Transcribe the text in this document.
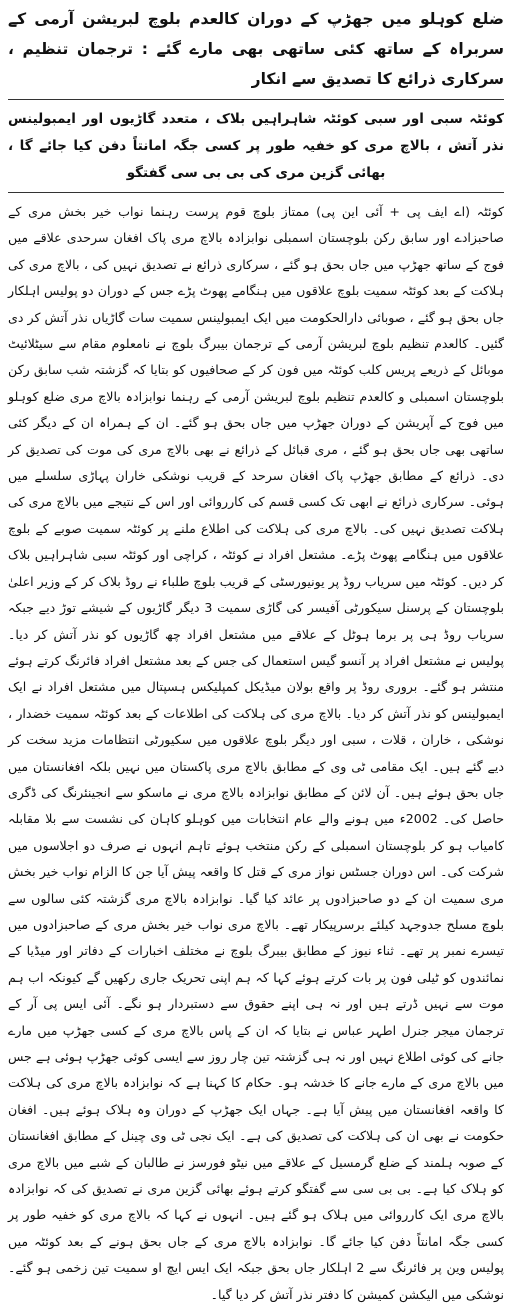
ضلع کوہلو میں جھڑپ کے دوران کالعدم بلوچ لبریشن آرمی کے سربراہ کے ساتھ کئی ساتھی بھی مارے گئے : ترجمان تنظیم ، سرکاری ذرائع کا تصدیق سے انکار
کوئٹہ سبی اور سبی کوئٹہ شاہراہیں بلاک ، متعدد گاڑیوں اور ایمبولینس نذر آتش ، بالاچ مری کو خفیہ طور پر کسی جگہ امانتاً دفن کیا جائے گا ، بھائی گزین مری کی بی بی سی گفتگو

کوئٹہ (اے ایف پی + آئی این پی) ممتاز بلوچ قوم پرست رہنما نواب خیر بخش مری کے صاحبزادے اور سابق رکن بلوچستان اسمبلی نوابزادہ بالاچ مری پاک افغان سرحدی علاقے میں فوج کے ساتھ جھڑپ میں جاں بحق ہو گئے ، سرکاری ذرائع نے تصدیق نہیں کی ، بالاچ مری کی ہلاکت کے بعد کوئٹہ سمیت بلوچ علاقوں میں ہنگامے پھوٹ پڑے جس کے دوران دو پولیس اہلکار جاں بحق ہو گئے ، صوبائی دارالحکومت میں ایک ایمبولینس سمیت سات گاڑیاں نذر آتش کر دی گئیں۔ کالعدم تنظیم بلوچ لبریشن آرمی کے ترجمان بیبرگ بلوچ نے نامعلوم مقام سے سیٹلائیٹ موبائل کے ذریعے پریس کلب کوئٹہ میں فون کر کے صحافیوں کو بتایا کہ گزشتہ شب سابق رکن بلوچستان اسمبلی و کالعدم تنظیم بلوچ لبریشن آرمی کے رہنما نوابزادہ بالاچ مری ضلع کوہلو میں فوج کے آپریشن کے دوران جھڑپ میں جاں بحق ہو گئے۔ ان کے ہمراہ ان کے دیگر کئی ساتھی بھی جاں بحق ہو گئے ، مری قبائل کے ذرائع نے بھی بالاچ مری کی موت کی تصدیق کر دی۔ ذرائع کے مطابق جھڑپ پاک افغان سرحد کے قریب نوشکی خاران پہاڑی سلسلے میں ہوئی۔ سرکاری ذرائع نے ابھی تک کسی قسم کی کارروائی اور اس کے نتیجے میں بالاچ مری کی ہلاکت تصدیق نہیں کی۔ بالاچ مری کی ہلاکت کی اطلاع ملنے پر کوئٹہ سمیت صوبے کے بلوچ علاقوں میں ہنگامے پھوٹ پڑے۔ مشتعل افراد نے کوئٹہ ، کراچی اور کوئٹہ سبی شاہراہیں بلاک کر دیں۔ کوئٹہ میں سریاب روڈ پر یونیورسٹی کے قریب بلوچ طلباء نے روڈ بلاک کر کے وزیر اعلیٰ بلوچستان کے پرسنل سیکورٹی آفیسر کی گاڑی سمیت 3 دیگر گاڑیوں کے شیشے توڑ دیے جبکہ سریاب روڈ ہی پر برما ہوٹل کے علاقے میں مشتعل افراد چھ گاڑیوں کو نذر آتش کر دیا۔ پولیس نے مشتعل افراد پر آنسو گیس استعمال کی جس کے بعد مشتعل افراد فائرنگ کرتے ہوئے منتشر ہو گئے۔ بروری روڈ پر واقع بولان میڈیکل کمپلیکس ہسپتال میں مشتعل افراد نے ایک ایمبولینس کو نذر آتش کر دیا۔ بالاچ مری کی ہلاکت کی اطلاعات کے بعد کوئٹہ سمیت خضدار ، نوشکی ، خاران ، قلات ، سبی اور دیگر بلوچ علاقوں میں سکیورٹی انتظامات مزید سخت کر دیے گئے ہیں۔ ایک مقامی ٹی وی کے مطابق بالاچ مری پاکستان میں نہیں بلکہ افغانستان میں جاں بحق ہوئے ہیں۔ آن لائن کے مطابق نوابزادہ بالاچ مری نے ماسکو سے انجینئرنگ کی ڈگری حاصل کی۔ 2002ء میں ہونے والے عام انتخابات میں کوہلو کاہان کی نشست سے بلا مقابلہ کامیاب ہو کر بلوچستان اسمبلی کے رکن منتخب ہوئے تاہم انہوں نے صرف دو اجلاسوں میں شرکت کی۔ اس دوران جسٹس نواز مری کے قتل کا واقعہ پیش آیا جن کا الزام نواب خیر بخش مری سمیت ان کے دو صاحبزادوں پر عائد کیا گیا۔ نوابزادہ بالاچ مری گزشتہ کئی سالوں سے بلوچ مسلح جدوجہد کیلئے برسرپیکار تھے۔ بالاچ مری نواب خیر بخش مری کے صاحبزادوں میں تیسرے نمبر پر تھے۔ ثناء نیوز کے مطابق بیبرگ بلوچ نے مختلف اخبارات کے دفاتر اور میڈیا کے نمائندوں کو ٹیلی فون پر بات کرتے ہوئے کہا کہ ہم اپنی تحریک جاری رکھیں گے کیونکہ اب ہم موت سے نہیں ڈرتے ہیں اور نہ ہی اپنے حقوق سے دستبردار ہو نگے۔ آئی ایس پی آر کے ترجمان میجر جنرل اطہر عباس نے بتایا کہ ان کے پاس بالاچ مری کے کسی جھڑپ میں مارے جانے کی کوئی اطلاع نہیں اور نہ ہی گزشتہ تین چار روز سے ایسی کوئی جھڑپ ہوئی ہے جس میں بالاچ مری کے مارے جانے کا خدشہ ہو۔ حکام کا کہنا ہے کہ نوابزادہ بالاچ مری کی ہلاکت کا واقعہ افغانستان میں پیش آیا ہے۔ جہاں ایک جھڑپ کے دوران وہ ہلاک ہوئے ہیں۔ افغان حکومت نے بھی ان کی ہلاکت کی تصدیق کی ہے۔ ایک نجی ٹی وی چینل کے مطابق افغانستان کے صوبہ ہلمند کے ضلع گرمسیل کے علاقے میں نیٹو فورسز نے طالبان کے شبے میں بالاچ مری کو ہلاک کیا ہے۔ بی بی سی سے گفتگو کرتے ہوئے بھائی گزین مری نے تصدیق کی کہ نوابزادہ بالاچ مری ایک کارروائی میں ہلاک ہو گئے ہیں۔ انہوں نے کہا کہ بالاچ مری کو خفیہ طور پر کسی جگہ امانتاً دفن کیا جائے گا۔ نوابزادہ بالاچ مری کے جاں بحق ہونے کے بعد کوئٹہ میں پولیس وین پر فائرنگ سے 2 اہلکار جاں بحق جبکہ ایک ایس ایچ او سمیت تین زخمی ہو گئے۔ نوشکی میں الیکشن کمیشن کا دفتر نذر آتش کر دیا گیا۔
